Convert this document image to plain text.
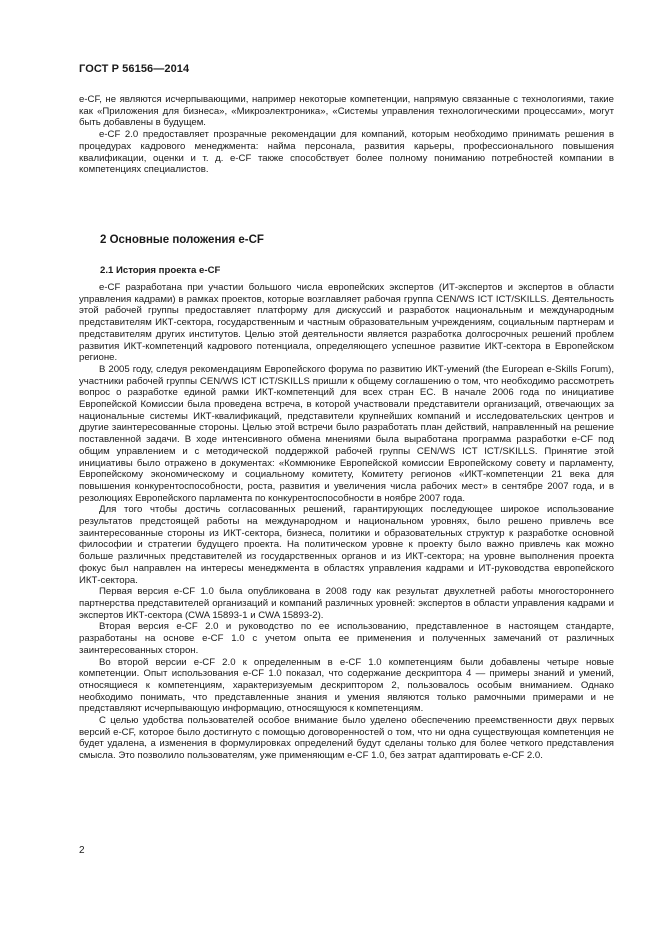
ГОСТ Р 56156—2014

e-CF, не являются исчерпывающими, например некоторые компетенции, напрямую связанные с технологиями, такие как «Приложения для бизнеса», «Микроэлектроника», «Системы управления технологическими процессами», могут быть добавлены в будущем.

e-CF 2.0 предоставляет прозрачные рекомендации для компаний, которым необходимо принимать решения в процедурах кадрового менеджмента: найма персонала, развития карьеры, профессионального повышения квалификации, оценки и т. д. e-CF также способствует более полному пониманию потребностей компании в компетенциях специалистов.

2 Основные положения e-CF
2.1 История проекта e-CF

e-CF разработана при участии большого числа европейских экспертов (ИТ-экспертов и экспертов в области управления кадрами) в рамках проектов, которые возглавляет рабочая группа CEN/WS ICT ICT/SKILLS. Деятельность этой рабочей группы предоставляет платформу для дискуссий и разработок национальным и международным представителям ИКТ-сектора, государственным и частным образовательным учреждениям, социальным партнерам и представителям других институтов. Целью этой деятельности является разработка долгосрочных решений проблем развития ИКТ-компетенций кадрового потенциала, определяющего успешное развитие ИКТ-сектора в Европейском регионе.

В 2005 году, следуя рекомендациям Европейского форума по развитию ИКТ-умений (the European e-Skills Forum), участники рабочей группы CEN/WS ICT ICT/SKILLS пришли к общему соглашению о том, что необходимо рассмотреть вопрос о разработке единой рамки ИКТ-компетенций для всех стран ЕС. В начале 2006 года по инициативе Европейской Комиссии была проведена встреча, в которой участвовали представители организаций, отвечающих за национальные системы ИКТ-квалификаций, представители крупнейших компаний и исследовательских центров и другие заинтересованные стороны. Целью этой встречи было разработать план действий, направленный на решение поставленной задачи. В ходе интенсивного обмена мнениями была выработана программа разработки e-CF под общим управлением и с методической поддержкой рабочей группы CEN/WS ICT ICT/SKILLS. Принятие этой инициативы было отражено в документах: «Коммюнике Европейской комиссии Европейскому совету и парламенту, Европейскому экономическому и социальному комитету, Комитету регионов «ИКТ-компетенции 21 века для повышения конкурентоспособности, роста, развития и увеличения числа рабочих мест» в сентябре 2007 года, и в резолюциях Европейского парламента по конкурентоспособности в ноябре 2007 года.

Для того чтобы достичь согласованных решений, гарантирующих последующее широкое использование результатов предстоящей работы на международном и национальном уровнях, было решено привлечь все заинтересованные стороны из ИКТ-сектора, бизнеса, политики и образовательных структур к разработке основной философии и стратегии будущего проекта. На политическом уровне к проекту было важно привлечь как можно больше различных представителей из государственных органов и из ИКТ-сектора; на уровне выполнения проекта фокус был направлен на интересы менеджмента в областях управления кадрами и ИТ-руководства европейского ИКТ-сектора.

Первая версия e-CF 1.0 была опубликована в 2008 году как результат двухлетней работы многостороннего партнерства представителей организаций и компаний различных уровней: экспертов в области управления кадрами и экспертов ИКТ-сектора (CWA 15893-1 и CWA 15893-2).

Вторая версия e-CF 2.0 и руководство по ее использованию, представленное в настоящем стандарте, разработаны на основе e-CF 1.0 с учетом опыта ее применения и полученных замечаний от различных заинтересованных сторон.

Во второй версии e-CF 2.0 к определенным в e-CF 1.0 компетенциям были добавлены четыре новые компетенции. Опыт использования e-CF 1.0 показал, что содержание дескриптора 4 — примеры знаний и умений, относящиеся к компетенциям, характеризуемым дескриптором 2, пользовалось особым вниманием. Однако необходимо понимать, что представленные знания и умения являются только рамочными примерами и не представляют исчерпывающую информацию, относящуюся к компетенциям.

С целью удобства пользователей особое внимание было уделено обеспечению преемственности двух первых версий e-CF, которое было достигнуто с помощью договоренностей о том, что ни одна существующая компетенция не будет удалена, а изменения в формулировках определений будут сделаны только для более четкого представления смысла. Это позволило пользователям, уже применяющим e-CF 1.0, без затрат адаптировать e-CF 2.0.

2
